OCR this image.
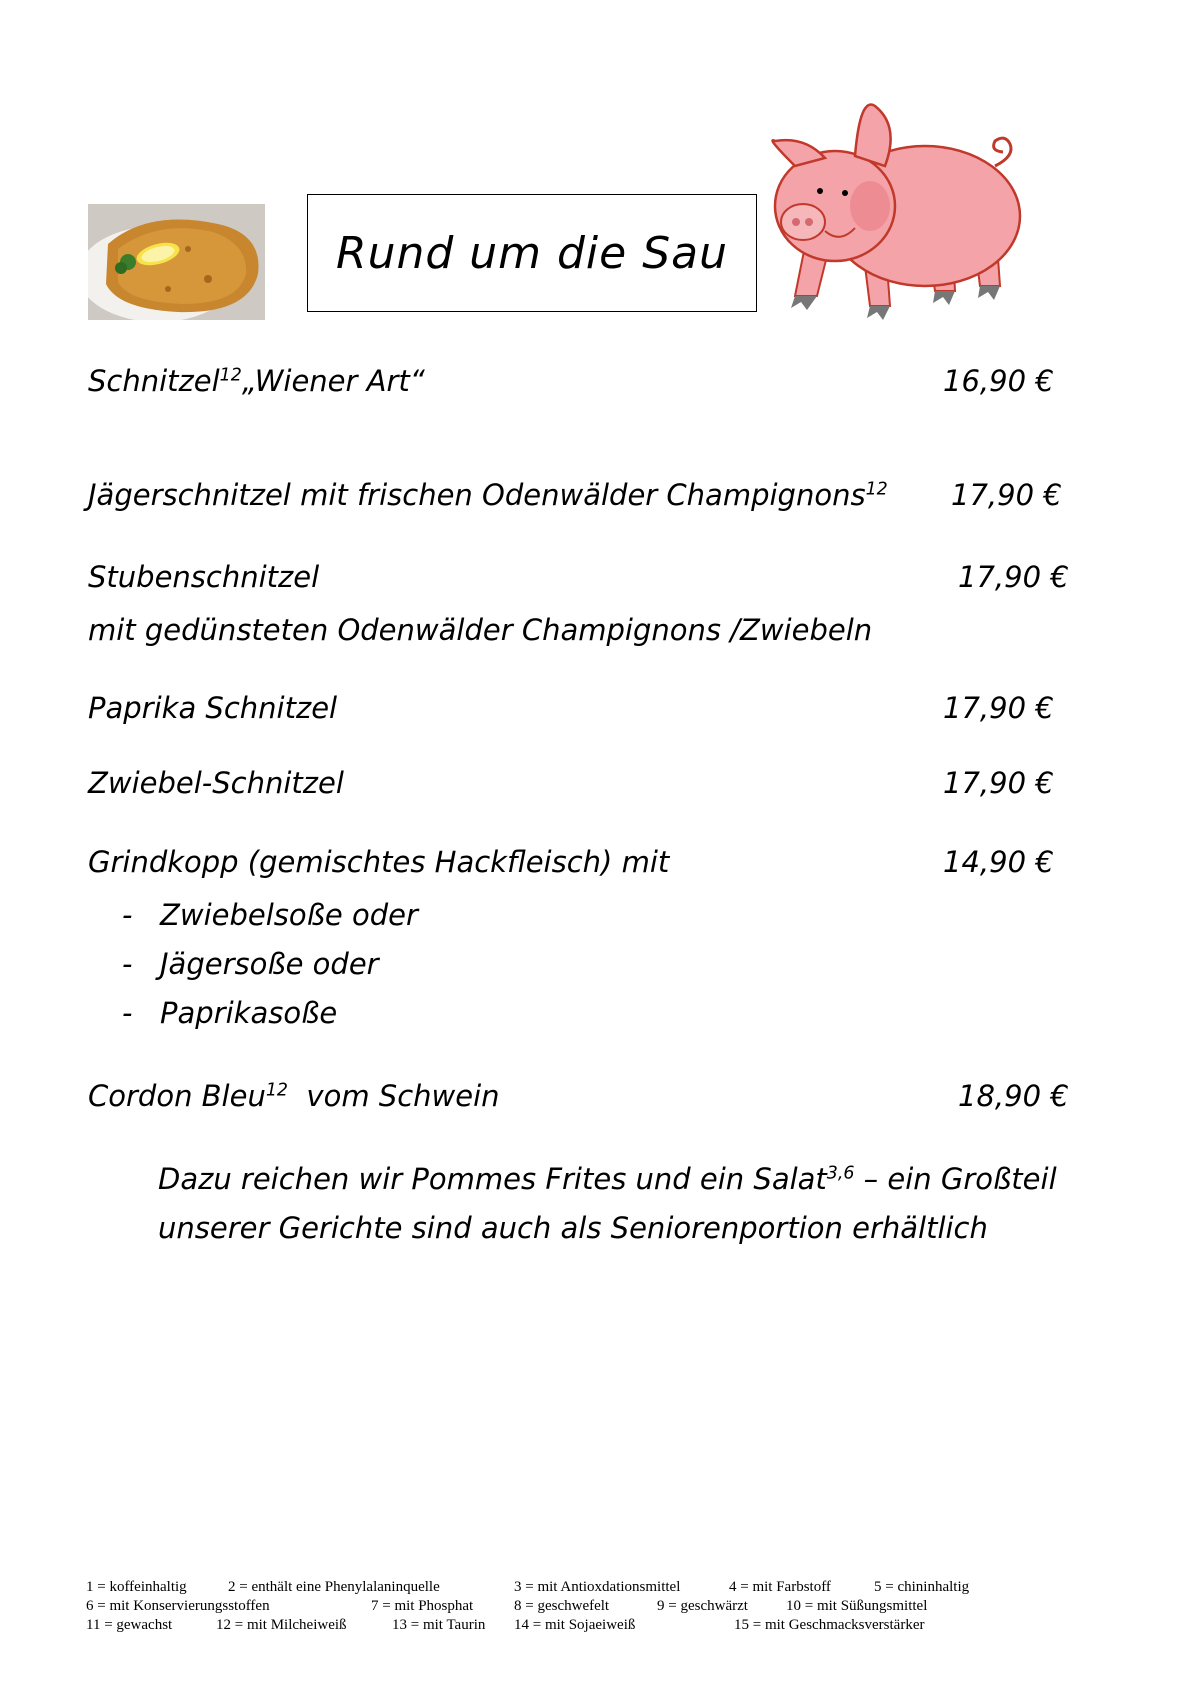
Rund um die Sau
Schnitzel$^{12}$„Wiener Art“	16,90 €
Jägerschnitzel mit frischen Odenwälder Champignons$^{12}$ 17,90 €
Stubenschnitzel	17,90 €
mit gedünsteten Odenwälder Champignons /Zwiebeln
Paprika Schnitzel	17,90 €
Zwiebel-Schnitzel	17,90 €
Grindkopp (gemischtes Hackfleisch) mit	14,90 €
- Zwiebelsoße oder
- Jägersoße oder
- Paprikasoße
Cordon Bleu$^{12}$  vom Schwein	18,90 €
Dazu reichen wir Pommes Frites und ein Salat$^{3,6}$ – ein Großteil
unserer Gerichte sind auch als Seniorenportion erhältlich
1 = koffeinhaltig	2 = enthält eine Phenylalaninquelle	3 = mit Antioxdationsmittel	4 = mit Farbstoff	5 = chininhaltig
6 = mit Konservierungsstoffen	7 = mit Phosphat	8 = geschwefelt	9 = geschwärzt	10 = mit Süßungsmittel
11 = gewachst	12 = mit Milcheiweiß	13 = mit Taurin 14 = mit Sojaeiweiß	15 = mit Geschmacksverstärker
